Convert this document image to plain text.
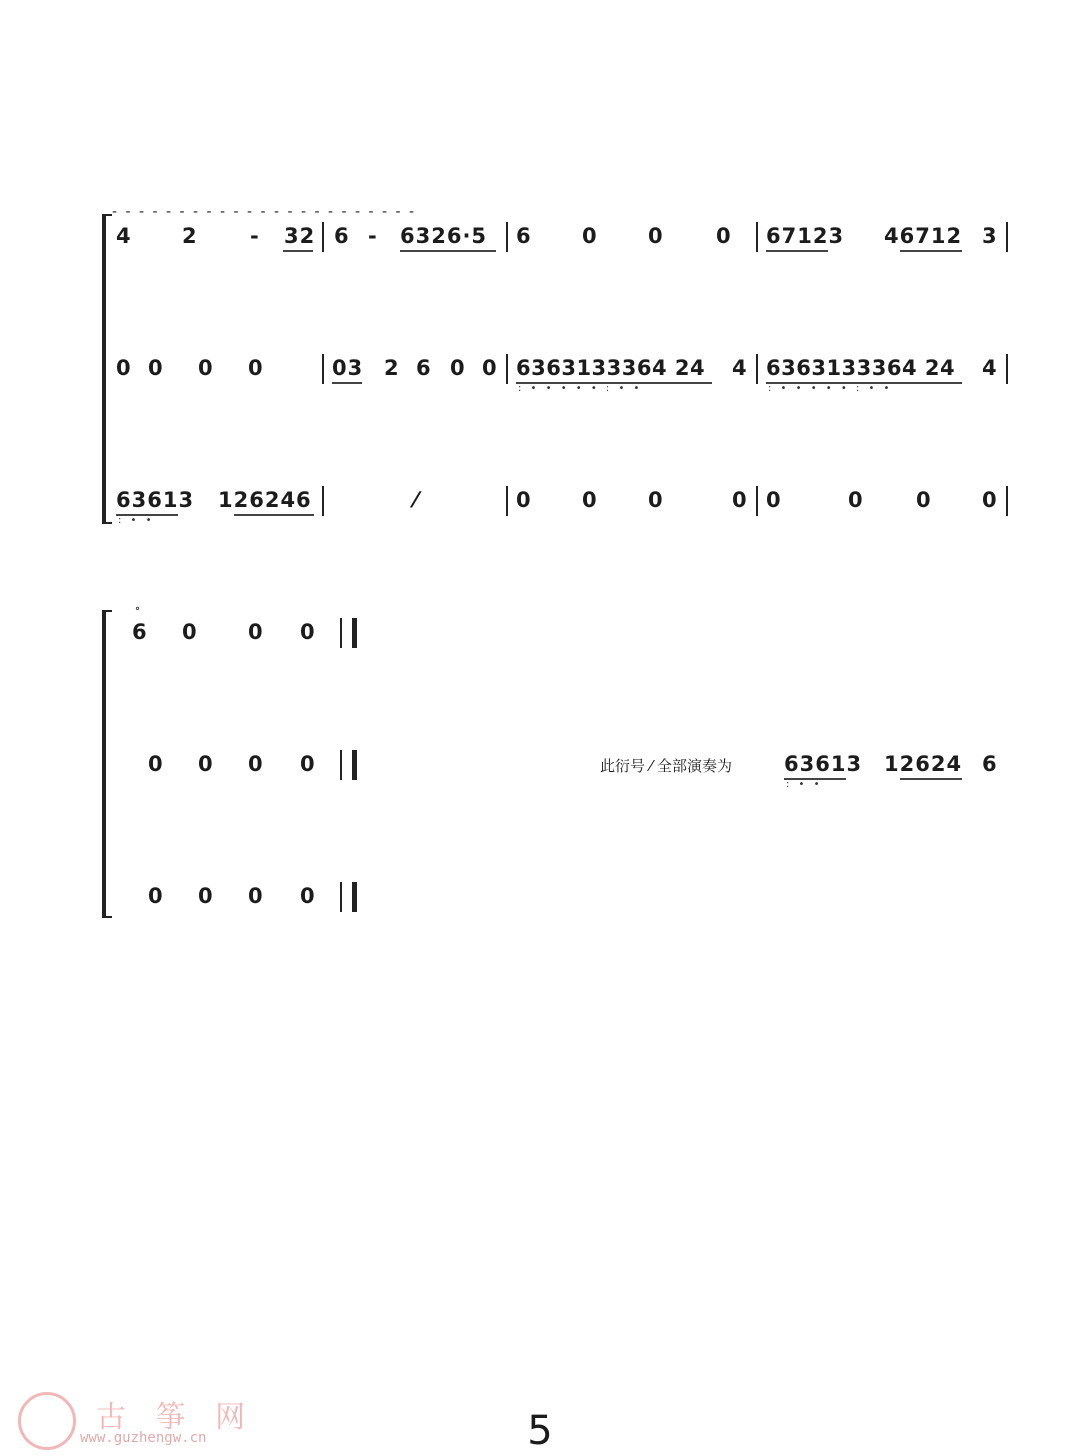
- - - - - - - - - - - - - - - - - - - - - - -
4 2 - 32 6 - 6326·5 6 0 0 0 67123 46712 3
0 0 0 0	03 2 6 0 0 6363133364 24
: • • • • • : • •
4 6363133364 24
: • • • • • : • •
4
63613
: • •
126246	⁄	0 0 0	0 0	0 0 0
°
6 0 0 0
0 0 0 0
0 0 0 0
此衍号 ⁄ 全部演奏为 63613
: • •
12624 6
古 筝 网
www.guzhengw.cn	5
